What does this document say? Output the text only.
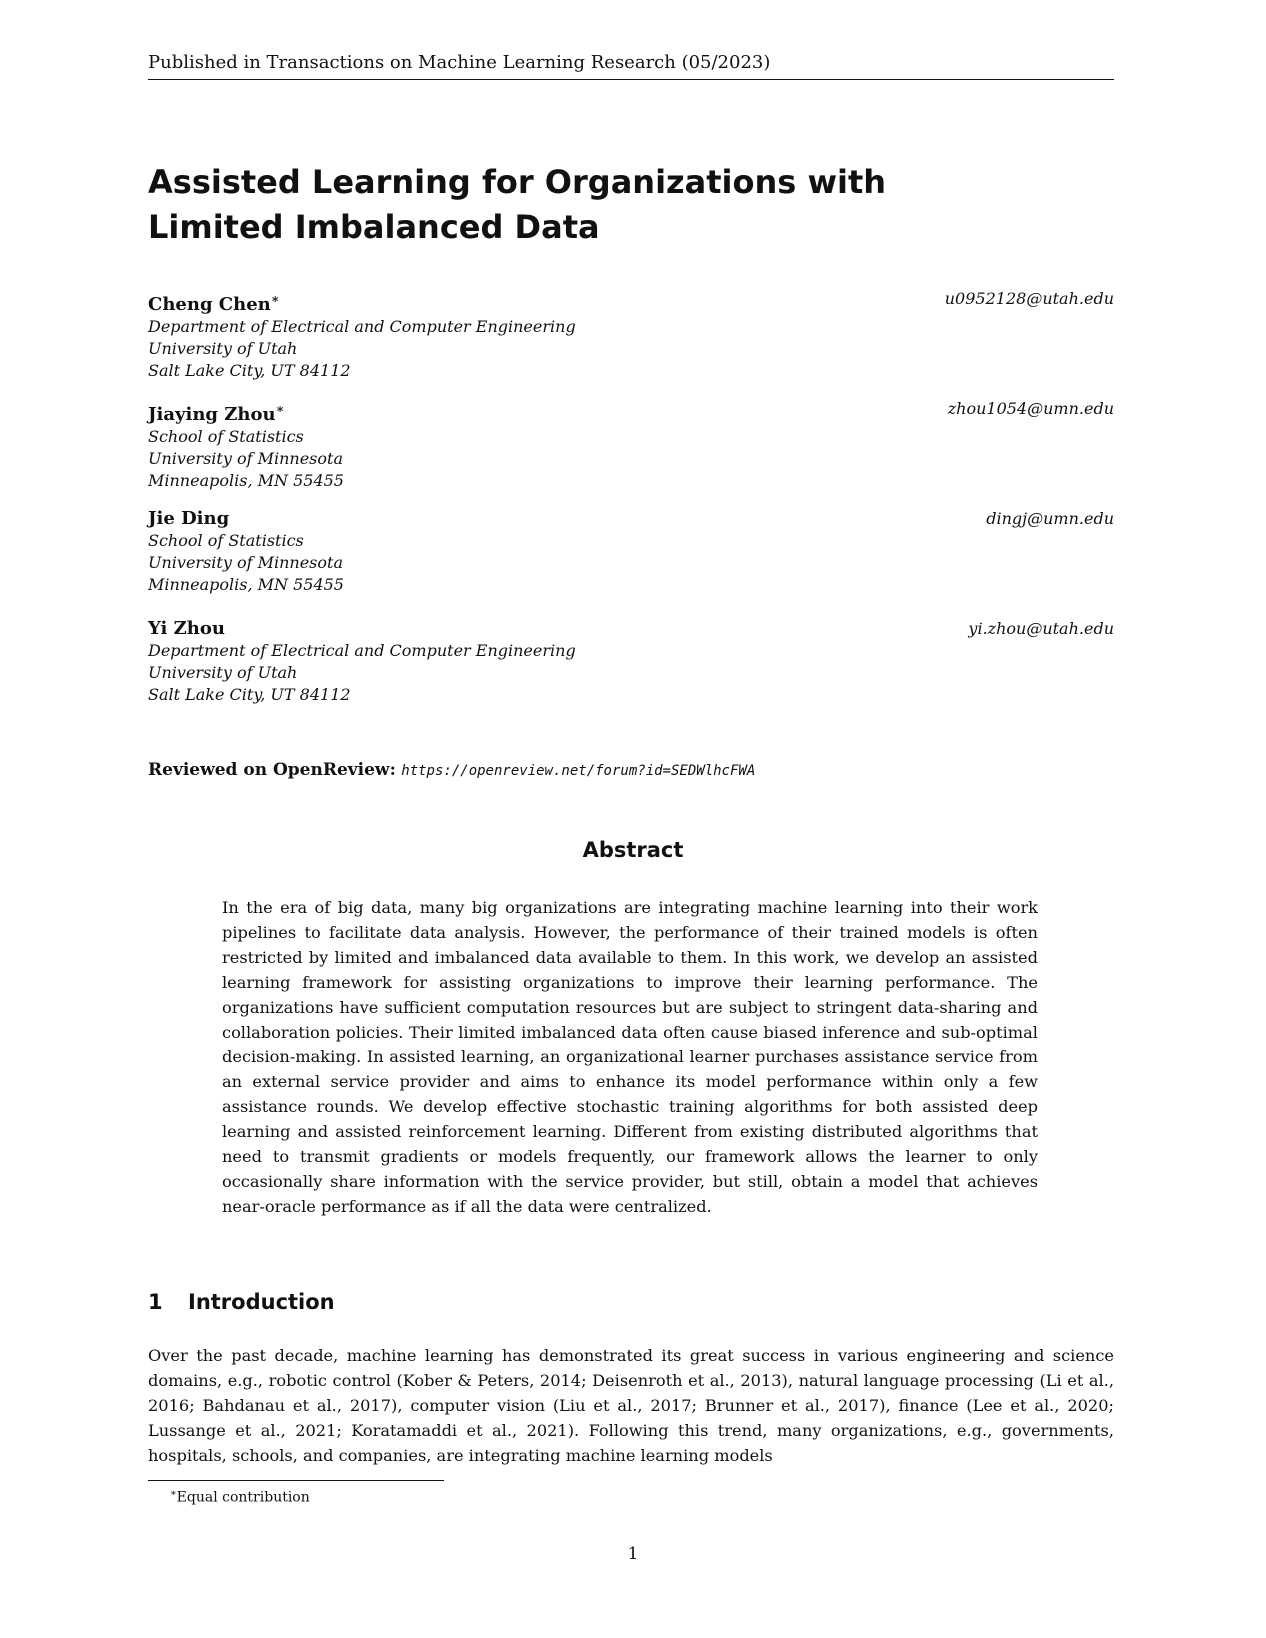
Published in Transactions on Machine Learning Research (05/2023)
Assisted Learning for Organizations with
Limited Imbalanced Data
Cheng Chen∗	u0952128@utah.edu
Department of Electrical and Computer Engineering
University of Utah
Salt Lake City, UT 84112
Jiaying Zhou∗	zhou1054@umn.edu
School of Statistics
University of Minnesota
Minneapolis, MN 55455
Jie Ding	dingj@umn.edu
School of Statistics
University of Minnesota
Minneapolis, MN 55455
Yi Zhou	yi.zhou@utah.edu
Department of Electrical and Computer Engineering
University of Utah
Salt Lake City, UT 84112
Reviewed on OpenReview: https://openreview.net/forum?id=SEDWlhcFWA
Abstract
In the era of big data, many big organizations are integrating machine learning into their work pipelines to facilitate data analysis. However, the performance of their trained models is often restricted by limited and imbalanced data available to them. In this work, we develop an assisted learning framework for assisting organizations to improve their learning performance. The organizations have sufficient computation resources but are subject to stringent data-sharing and collaboration policies. Their limited imbalanced data often cause biased inference and sub-optimal decision-making. In assisted learning, an organizational learner purchases assistance service from an external service provider and aims to enhance its model performance within only a few assistance rounds. We develop effective stochastic training algorithms for both assisted deep learning and assisted reinforcement learning. Different from existing distributed algorithms that need to transmit gradients or models frequently, our framework allows the learner to only occasionally share information with the service provider, but still, obtain a model that achieves near-oracle performance as if all the data were centralized.
1 Introduction
Over the past decade, machine learning has demonstrated its great success in various engineering and science domains, e.g., robotic control (Kober & Peters, 2014; Deisenroth et al., 2013), natural language processing (Li et al., 2016; Bahdanau et al., 2017), computer vision (Liu et al., 2017; Brunner et al., 2017), finance (Lee et al., 2020; Lussange et al., 2021; Koratamaddi et al., 2021). Following this trend, many organizations, e.g., governments, hospitals, schools, and companies, are integrating machine learning models
∗Equal contribution
1
